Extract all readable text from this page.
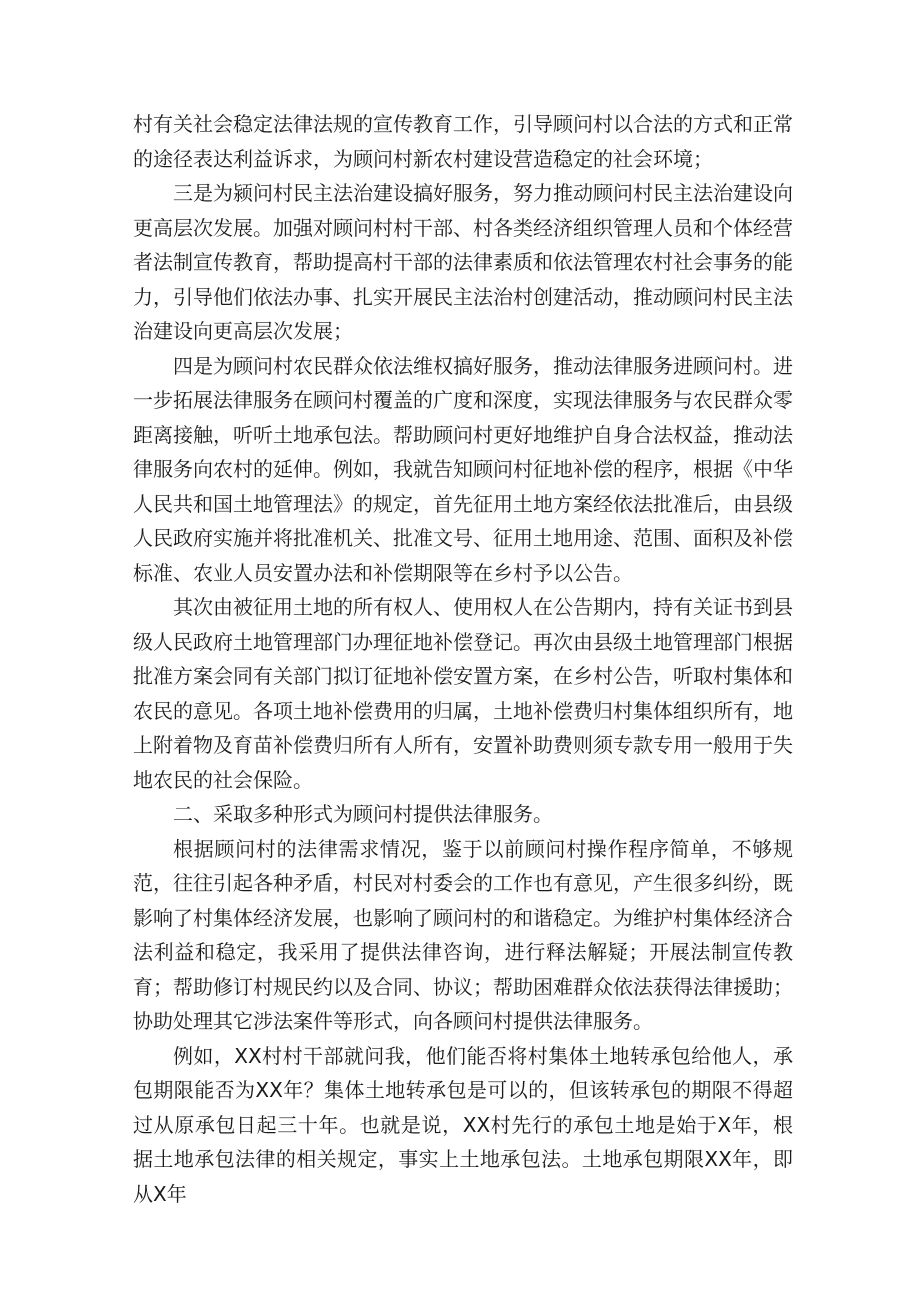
村有关社会稳定法律法规的宣传教育工作，引导顾问村以合法的方式和正常的途径表达利益诉求，为顾问村新农村建设营造稳定的社会环境；

三是为颍问村民主法治建设搞好服务，努力推动顾问村民主法治建设向更高层次发展。加强对顾问村村干部、村各类经济组织管理人员和个体经营者法制宣传教育，帮助提高村干部的法律素质和依法管理农村社会事务的能力，引导他们依法办事、扎实开展民主法治村创建活动，推动顾问村民主法治建设向更高层次发展；

四是为顾问村农民群众依法维权搞好服务，推动法律服务进顾问村。进一步拓展法律服务在顾问村覆盖的广度和深度，实现法律服务与农民群众零距离接触，听听土地承包法。帮助顾问村更好地维护自身合法权益，推动法律服务向农村的延伸。例如，我就告知顾问村征地补偿的程序，根据《中华人民共和国土地管理法》的规定，首先征用土地方案经依法批准后，由县级人民政府实施并将批准机关、批准文号、征用土地用途、范围、面积及补偿标准、农业人员安置办法和补偿期限等在乡村予以公告。

其次由被征用土地的所有权人、使用权人在公告期内，持有关证书到县级人民政府土地管理部门办理征地补偿登记。再次由县级土地管理部门根据批准方案会同有关部门拟订征地补偿安置方案，在乡村公告，听取村集体和农民的意见。各项土地补偿费用的归属，土地补偿费归村集体组织所有，地上附着物及育苗补偿费归所有人所有，安置补助费则须专款专用一般用于失地农民的社会保险。

二、采取多种形式为顾问村提供法律服务。

根据顾问村的法律需求情况，鉴于以前顾问村操作程序简单，不够规范，往往引起各种矛盾，村民对村委会的工作也有意见，产生很多纠纷，既影响了村集体经济发展，也影响了顾问村的和谐稳定。为维护村集体经济合法利益和稳定，我采用了提供法律咨询，进行释法解疑；开展法制宣传教育；帮助修订村规民约以及合同、协议；帮助困难群众依法获得法律援助；协助处理其它涉法案件等形式，向各顾问村提供法律服务。

例如，XX村村干部就问我，他们能否将村集体土地转承包给他人，承包期限能否为XX年？集体土地转承包是可以的，但该转承包的期限不得超过从原承包日起三十年。也就是说，XX村先行的承包土地是始于X年，根据土地承包法律的相关规定，事实上土地承包法。土地承包期限XX年，即从X年
